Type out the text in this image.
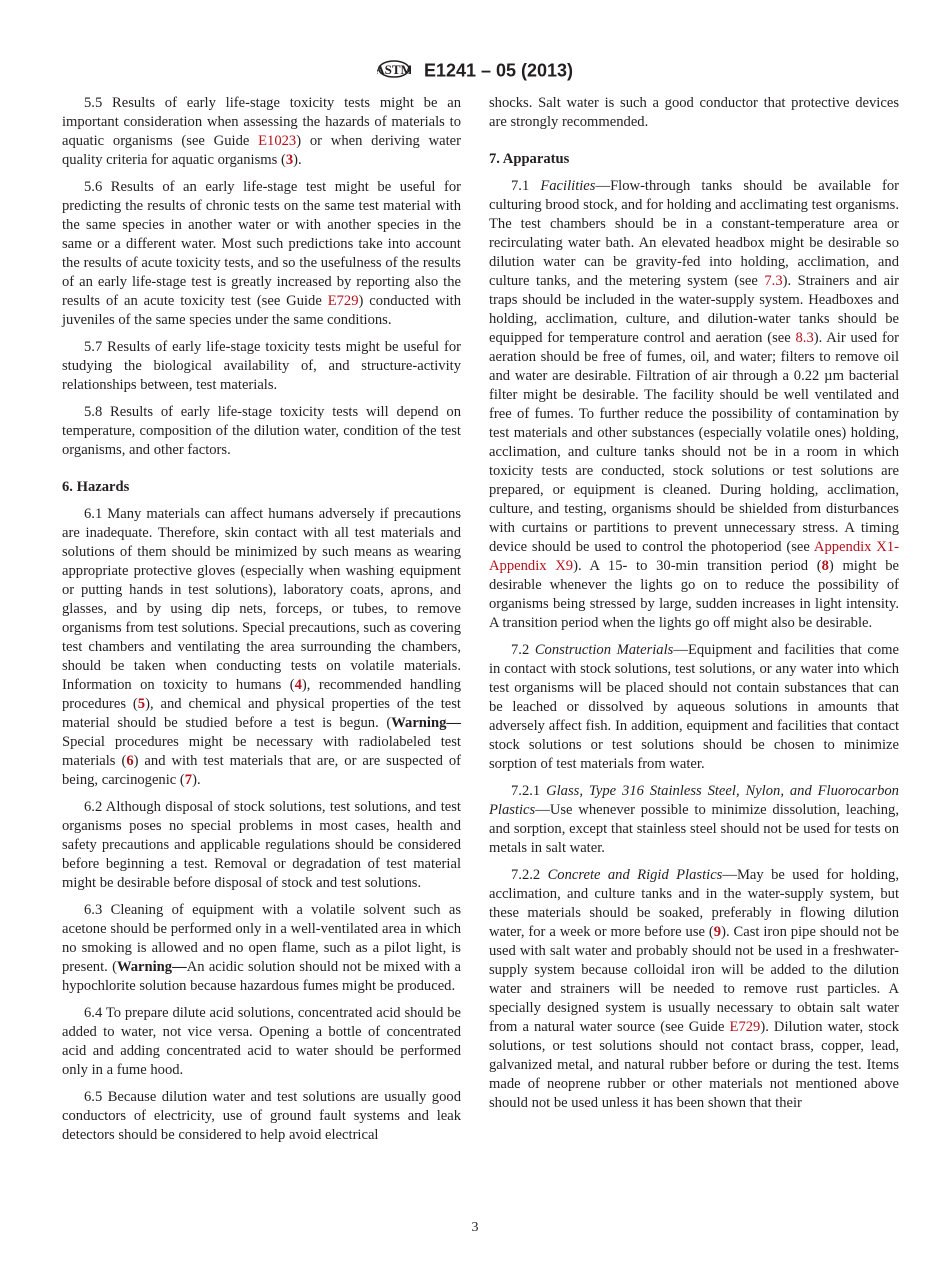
ASTM E1241 – 05 (2013)

5.5 Results of early life-stage toxicity tests might be an important consideration when assessing the hazards of materials to aquatic organisms (see Guide E1023) or when deriving water quality criteria for aquatic organisms (3).

5.6 Results of an early life-stage test might be useful for predicting the results of chronic tests on the same test material with the same species in another water or with another species in the same or a different water. Most such predictions take into account the results of acute toxicity tests, and so the usefulness of the results of an early life-stage test is greatly increased by reporting also the results of an acute toxicity test (see Guide E729) conducted with juveniles of the same species under the same conditions.

5.7 Results of early life-stage toxicity tests might be useful for studying the biological availability of, and structure-activity relationships between, test materials.

5.8 Results of early life-stage toxicity tests will depend on temperature, composition of the dilution water, condition of the test organisms, and other factors.

6. Hazards

6.1 Many materials can affect humans adversely if precautions are inadequate. Therefore, skin contact with all test materials and solutions of them should be minimized by such means as wearing appropriate protective gloves (especially when washing equipment or putting hands in test solutions), laboratory coats, aprons, and glasses, and by using dip nets, forceps, or tubes, to remove organisms from test solutions. Special precautions, such as covering test chambers and ventilating the area surrounding the chambers, should be taken when conducting tests on volatile materials. Information on toxicity to humans (4), recommended handling procedures (5), and chemical and physical properties of the test material should be studied before a test is begun. (Warning—Special procedures might be necessary with radiolabeled test materials (6) and with test materials that are, or are suspected of being, carcinogenic (7).

6.2 Although disposal of stock solutions, test solutions, and test organisms poses no special problems in most cases, health and safety precautions and applicable regulations should be considered before beginning a test. Removal or degradation of test material might be desirable before disposal of stock and test solutions.

6.3 Cleaning of equipment with a volatile solvent such as acetone should be performed only in a well-ventilated area in which no smoking is allowed and no open flame, such as a pilot light, is present. (Warning—An acidic solution should not be mixed with a hypochlorite solution because hazardous fumes might be produced.

6.4 To prepare dilute acid solutions, concentrated acid should be added to water, not vice versa. Opening a bottle of concentrated acid and adding concentrated acid to water should be performed only in a fume hood.

6.5 Because dilution water and test solutions are usually good conductors of electricity, use of ground fault systems and leak detectors should be considered to help avoid electrical

shocks. Salt water is such a good conductor that protective devices are strongly recommended.

7. Apparatus

7.1 Facilities—Flow-through tanks should be available for culturing brood stock, and for holding and acclimating test organisms. The test chambers should be in a constant-temperature area or recirculating water bath. An elevated headbox might be desirable so dilution water can be gravity-fed into holding, acclimation, and culture tanks, and the metering system (see 7.3). Strainers and air traps should be included in the water-supply system. Headboxes and holding, acclimation, culture, and dilution-water tanks should be equipped for temperature control and aeration (see 8.3). Air used for aeration should be free of fumes, oil, and water; filters to remove oil and water are desirable. Filtration of air through a 0.22 µm bacterial filter might be desirable. The facility should be well ventilated and free of fumes. To further reduce the possibility of contamination by test materials and other substances (especially volatile ones) holding, acclimation, and culture tanks should not be in a room in which toxicity tests are conducted, stock solutions or test solutions are prepared, or equipment is cleaned. During holding, acclimation, culture, and testing, organisms should be shielded from disturbances with curtains or partitions to prevent unnecessary stress. A timing device should be used to control the photoperiod (see Appendix X1-Appendix X9). A 15- to 30-min transition period (8) might be desirable whenever the lights go on to reduce the possibility of organisms being stressed by large, sudden increases in light intensity. A transition period when the lights go off might also be desirable.

7.2 Construction Materials—Equipment and facilities that come in contact with stock solutions, test solutions, or any water into which test organisms will be placed should not contain substances that can be leached or dissolved by aqueous solutions in amounts that adversely affect fish. In addition, equipment and facilities that contact stock solutions or test solutions should be chosen to minimize sorption of test materials from water.

7.2.1 Glass, Type 316 Stainless Steel, Nylon, and Fluorocarbon Plastics—Use whenever possible to minimize dissolution, leaching, and sorption, except that stainless steel should not be used for tests on metals in salt water.

7.2.2 Concrete and Rigid Plastics—May be used for holding, acclimation, and culture tanks and in the water-supply system, but these materials should be soaked, preferably in flowing dilution water, for a week or more before use (9). Cast iron pipe should not be used with salt water and probably should not be used in a freshwater-supply system because colloidal iron will be added to the dilution water and strainers will be needed to remove rust particles. A specially designed system is usually necessary to obtain salt water from a natural water source (see Guide E729). Dilution water, stock solutions, or test solutions should not contact brass, copper, lead, galvanized metal, and natural rubber before or during the test. Items made of neoprene rubber or other materials not mentioned above should not be used unless it has been shown that their

3
